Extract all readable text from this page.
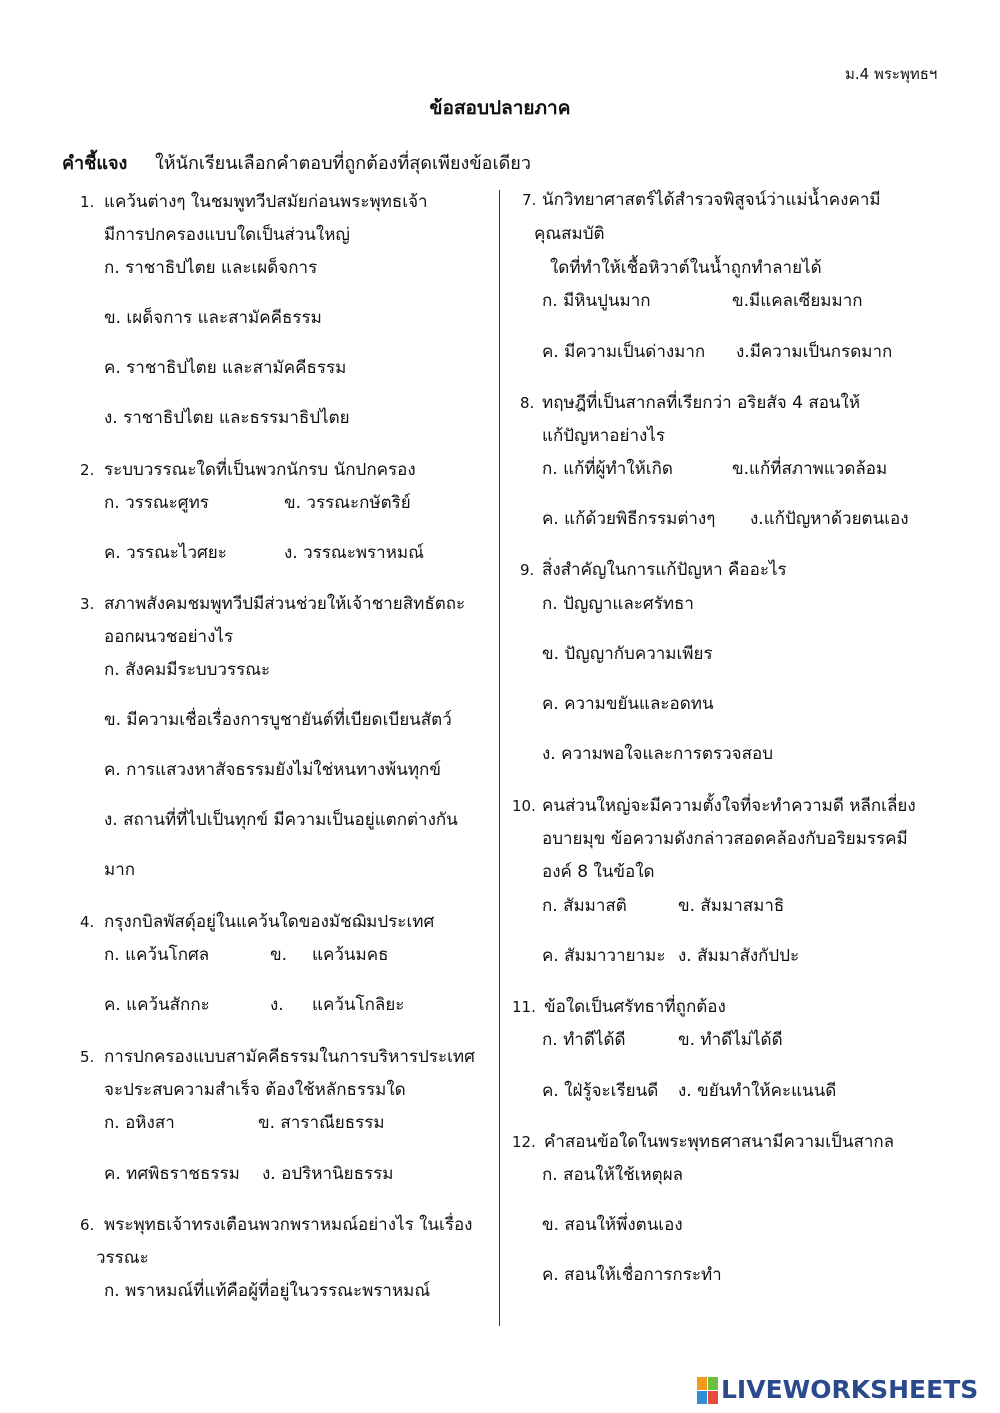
ม.4 พระพุทธฯ
ข้อสอบปลายภาค
คำชี้แจง ให้นักเรียนเลือกคำตอบที่ถูกต้องที่สุดเพียงข้อเดียว
1. แคว้นต่างๆ ในชมพูทวีปสมัยก่อนพระพุทธเจ้า
มีการปกครองแบบใดเป็นส่วนใหญ่
ก. ราชาธิปไตย และเผด็จการ
ข. เผด็จการ และสามัคคีธรรม
ค. ราชาธิปไตย และสามัคคีธรรม
ง. ราชาธิปไตย และธรรมาธิปไตย
2. ระบบวรรณะใดที่เป็นพวกนักรบ นักปกครอง
ก. วรรณะศูทร	ข. วรรณะกษัตริย์
ค. วรรณะไวศยะ	ง. วรรณะพราหมณ์
3. สภาพสังคมชมพูทวีปมีส่วนช่วยให้เจ้าชายสิทธัตถะ
ออกผนวชอย่างไร
ก. สังคมมีระบบวรรณะ
ข. มีความเชื่อเรื่องการบูชายันต์ที่เบียดเบียนสัตว์
ค. การแสวงหาสัจธรรมยังไม่ใช่หนทางพ้นทุกข์
ง. สถานที่ที่ไปเป็นทุกข์ มีความเป็นอยู่แตกต่างกัน
มาก
4. กรุงกบิลพัสดุ์อยู่ในแคว้นใดของมัชฌิมประเทศ
ก. แคว้นโกศล	ข. แคว้นมคธ
ค. แคว้นสักกะ	ง. แคว้นโกลิยะ
5. การปกครองแบบสามัคคีธรรมในการบริหารประเทศ
จะประสบความสำเร็จ ต้องใช้หลักธรรมใด
ก. อหิงสา	ข. สาราณียธรรม
ค. ทศพิธราชธรรม ง. อปริหานิยธรรม
6. พระพุทธเจ้าทรงเตือนพวกพราหมณ์อย่างไร ในเรื่อง
วรรณะ
ก. พราหมณ์ที่แท้คือผู้ที่อยู่ในวรรณะพราหมณ์
7. นักวิทยาศาสตร์ได้สำรวจพิสูจน์ว่าแม่น้ำคงคามี
คุณสมบัติ
ใดที่ทำให้เชื้อหิวาต์ในน้ำถูกทำลายได้
ก. มีหินปูนมาก	ข.มีแคลเซียมมาก
ค. มีความเป็นด่างมาก ง.มีความเป็นกรดมาก
8. ทฤษฎีที่เป็นสากลที่เรียกว่า อริยสัจ 4 สอนให้
แก้ปัญหาอย่างไร
ก. แก้ที่ผู้ทำให้เกิด	ข.แก้ที่สภาพแวดล้อม
ค. แก้ด้วยพิธีกรรมต่างๆ ง.แก้ปัญหาด้วยตนเอง
9. สิ่งสำคัญในการแก้ปัญหา คืออะไร
ก. ปัญญาและศรัทธา
ข. ปัญญากับความเพียร
ค. ความขยันและอดทน
ง. ความพอใจและการตรวจสอบ
10. คนส่วนใหญ่จะมีความตั้งใจที่จะทำความดี หลีกเลี่ยง
อบายมุข ข้อความดังกล่าวสอดคล้องกับอริยมรรคมี
องค์ 8 ในข้อใด
ก. สัมมาสติ	ข. สัมมาสมาธิ
ค. สัมมาวายามะ ง. สัมมาสังกัปปะ
11. ข้อใดเป็นศรัทธาที่ถูกต้อง
ก. ทำดีได้ดี	ข. ทำดีไม่ได้ดี
ค. ใฝ่รู้จะเรียนดี ง. ขยันทำให้คะแนนดี
12. คำสอนข้อใดในพระพุทธศาสนามีความเป็นสากล
ก. สอนให้ใช้เหตุผล
ข. สอนให้พึ่งตนเอง
ค. สอนให้เชื่อการกระทำ
LIVEWORKSHEETS
